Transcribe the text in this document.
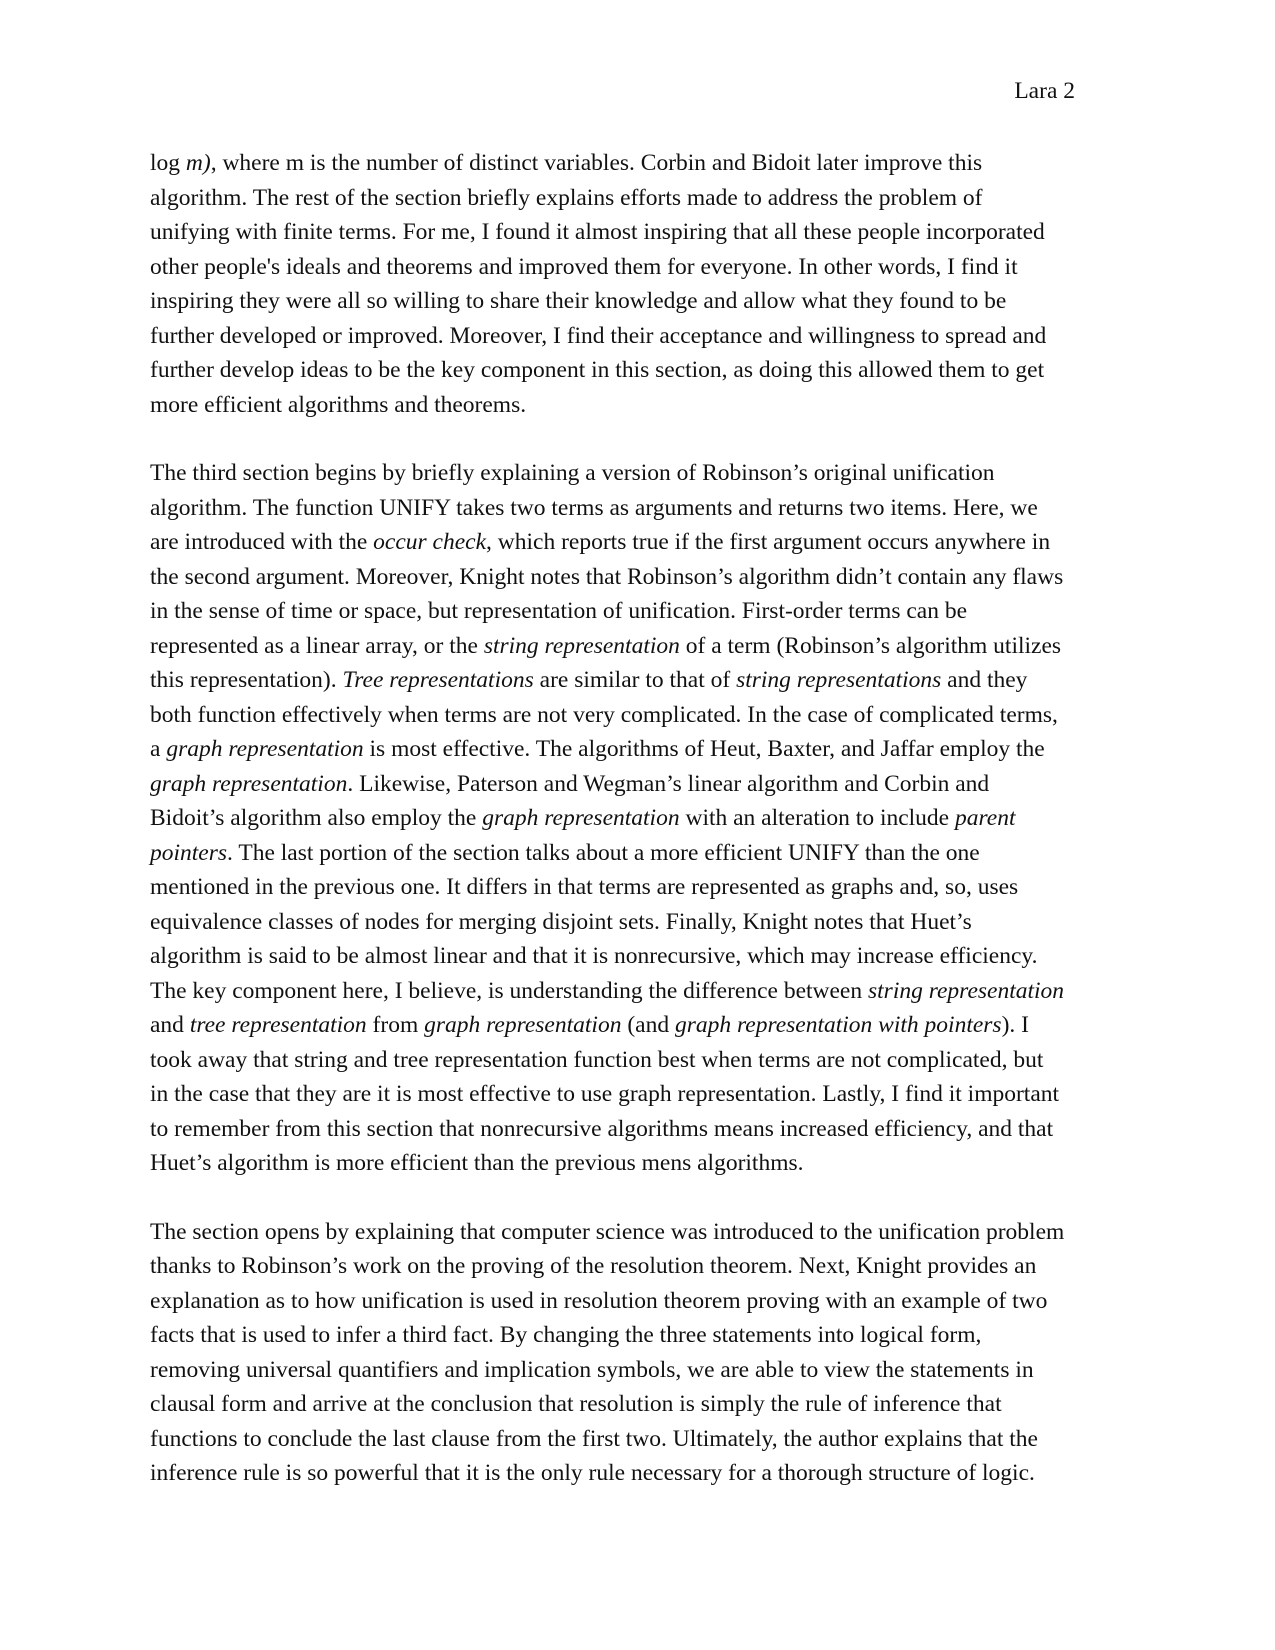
Lara 2

log m), where m is the number of distinct variables. Corbin and Bidoit later improve this
algorithm. The rest of the section briefly explains efforts made to address the problem of
unifying with finite terms. For me, I found it almost inspiring that all these people incorporated
other people's ideals and theorems and improved them for everyone. In other words, I find it
inspiring they were all so willing to share their knowledge and allow what they found to be
further developed or improved. Moreover, I find their acceptance and willingness to spread and
further develop ideas to be the key component in this section, as doing this allowed them to get
more efficient algorithms and theorems.

The third section begins by briefly explaining a version of Robinson’s original unification
algorithm. The function UNIFY takes two terms as arguments and returns two items. Here, we
are introduced with the occur check, which reports true if the first argument occurs anywhere in
the second argument. Moreover, Knight notes that Robinson’s algorithm didn’t contain any flaws
in the sense of time or space, but representation of unification. First-order terms can be
represented as a linear array, or the string representation of a term (Robinson’s algorithm utilizes
this representation). Tree representations are similar to that of string representations and they
both function effectively when terms are not very complicated. In the case of complicated terms,
a graph representation is most effective. The algorithms of Heut, Baxter, and Jaffar employ the
graph representation. Likewise, Paterson and Wegman’s linear algorithm and Corbin and
Bidoit’s algorithm also employ the graph representation with an alteration to include parent
pointers. The last portion of the section talks about a more efficient UNIFY than the one
mentioned in the previous one. It differs in that terms are represented as graphs and, so, uses
equivalence classes of nodes for merging disjoint sets. Finally, Knight notes that Huet’s
algorithm is said to be almost linear and that it is nonrecursive, which may increase efficiency.
The key component here, I believe, is understanding the difference between string representation
and tree representation from graph representation (and graph representation with pointers). I
took away that string and tree representation function best when terms are not complicated, but
in the case that they are it is most effective to use graph representation. Lastly, I find it important
to remember from this section that nonrecursive algorithms means increased efficiency, and that
Huet’s algorithm is more efficient than the previous mens algorithms.

The section opens by explaining that computer science was introduced to the unification problem
thanks to Robinson’s work on the proving of the resolution theorem. Next, Knight provides an
explanation as to how unification is used in resolution theorem proving with an example of two
facts that is used to infer a third fact. By changing the three statements into logical form,
removing universal quantifiers and implication symbols, we are able to view the statements in
clausal form and arrive at the conclusion that resolution is simply the rule of inference that
functions to conclude the last clause from the first two. Ultimately, the author explains that the
inference rule is so powerful that it is the only rule necessary for a thorough structure of logic.
